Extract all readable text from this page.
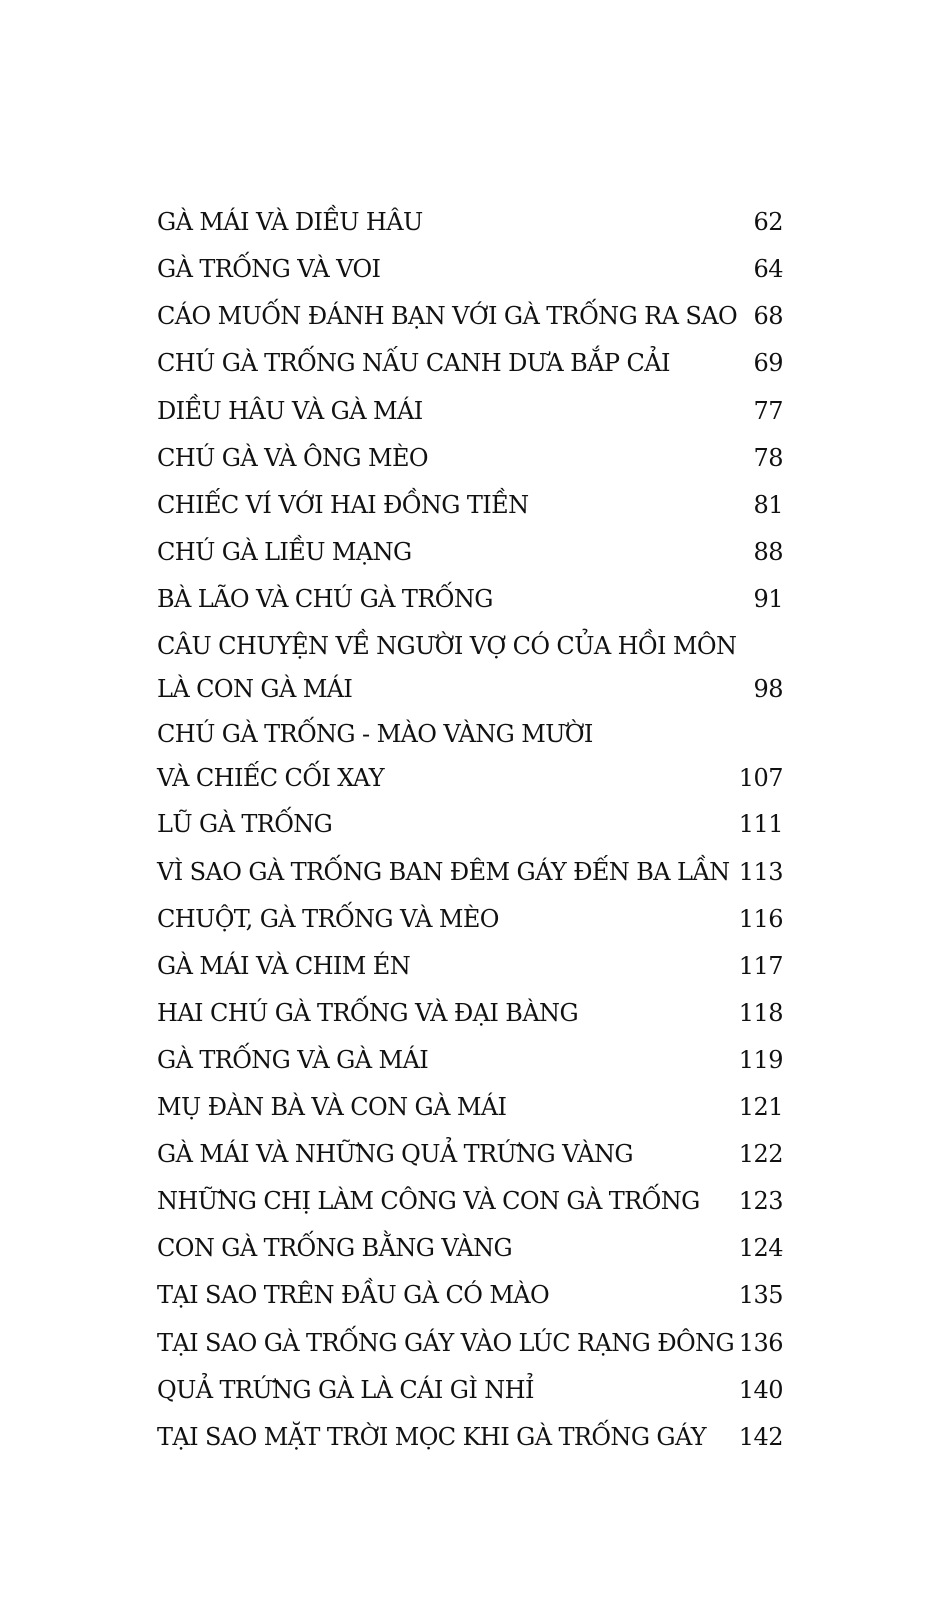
GÀ MÁI VÀ DIỀU HÂU	62
GÀ TRỐNG VÀ VOI	64
CÁO MUỐN ĐÁNH BẠN VỚI GÀ TRỐNG RA SAO 68
CHÚ GÀ TRỐNG NẤU CANH DƯA BẮP CẢI	69
DIỀU HÂU VÀ GÀ MÁI	77
CHÚ GÀ VÀ ÔNG MÈO	78
CHIẾC VÍ VỚI HAI ĐỒNG TIỀN	81
CHÚ GÀ LIỀU MẠNG	88
BÀ LÃO VÀ CHÚ GÀ TRỐNG	91
CÂU CHUYỆN VỀ NGƯỜI VỢ CÓ CỦA HỒI MÔN
LÀ CON GÀ MÁI	98
CHÚ GÀ TRỐNG - MÀO VÀNG MƯỜI
VÀ CHIẾC CỐI XAY	107
LŨ GÀ TRỐNG	111
VÌ SAO GÀ TRỐNG BAN ĐÊM GÁY ĐẾN BA LẦN 113
CHUỘT, GÀ TRỐNG VÀ MÈO	116
GÀ MÁI VÀ CHIM ÉN	117
HAI CHÚ GÀ TRỐNG VÀ ĐẠI BÀNG	118
GÀ TRỐNG VÀ GÀ MÁI	119
MỤ ĐÀN BÀ VÀ CON GÀ MÁI	121
GÀ MÁI VÀ NHỮNG QUẢ TRỨNG VÀNG	122
NHỮNG CHỊ LÀM CÔNG VÀ CON GÀ TRỐNG 123
CON GÀ TRỐNG BẰNG VÀNG	124
TẠI SAO TRÊN ĐẦU GÀ CÓ MÀO	135
TẠI SAO GÀ TRỐNG GÁY VÀO LÚC RẠNG ĐÔNG 136
QUẢ TRỨNG GÀ LÀ CÁI GÌ NHỈ	140
TẠI SAO MẶT TRỜI MỌC KHI GÀ TRỐNG GÁY 142
